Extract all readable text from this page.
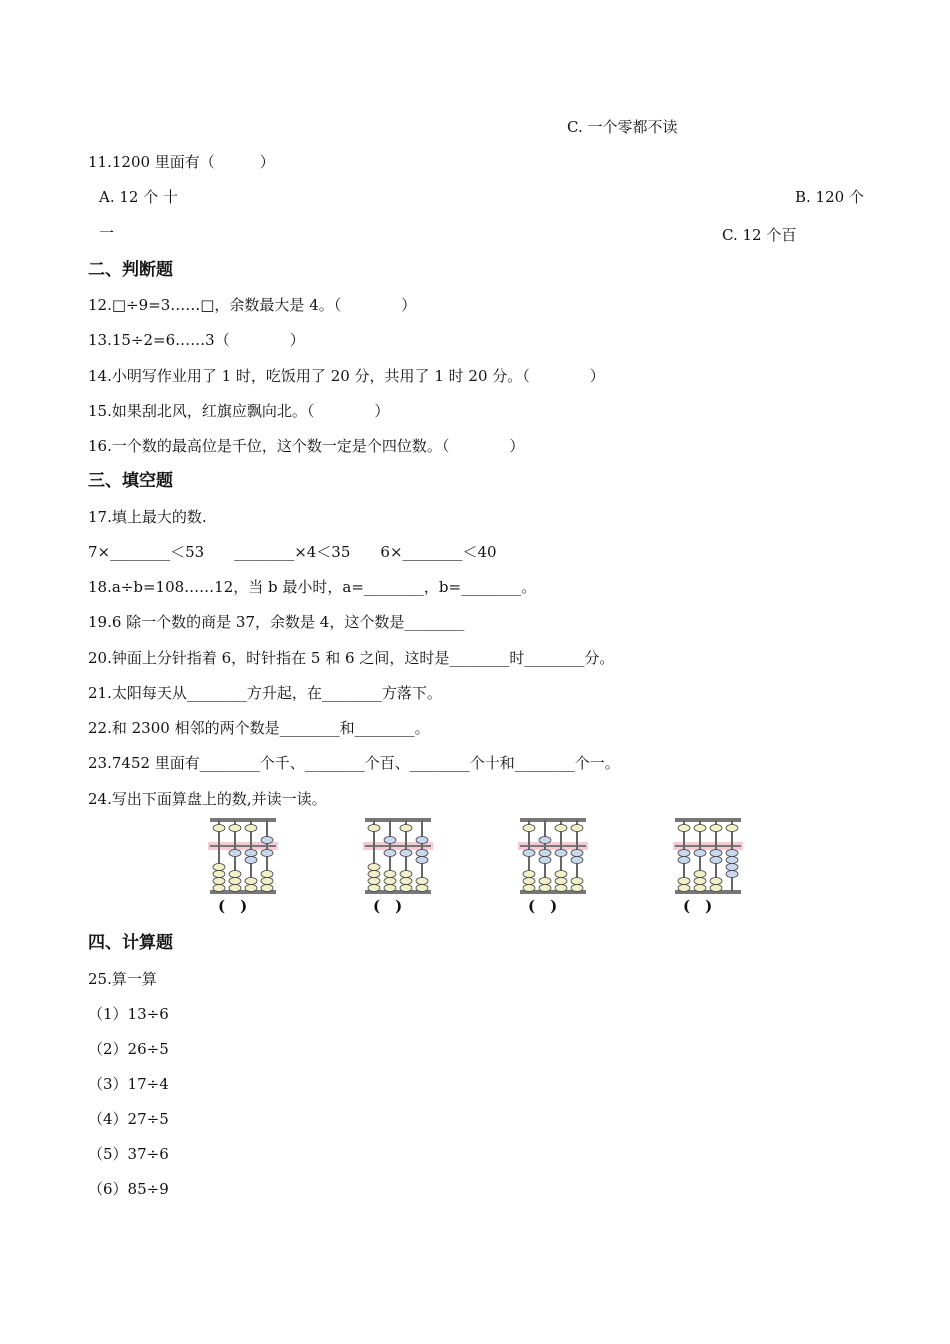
C. 一个零都不读
11.1200 里面有（　　　）
A. 12 个 十	B. 120 个
一	C. 12 个百
二、判断题
12.□÷9=3……□，余数最大是 4。（　　　　）
13.15÷2=6……3（　　　　）
14.小明写作业用了 1 时，吃饭用了 20 分，共用了 1 时 20 分。（　　　　）
15.如果刮北风，红旗应飘向北。（　　　　）
16.一个数的最高位是千位，这个数一定是个四位数。（　　　　）
三、填空题
17.填上最大的数.
7×________＜53　　________×4＜35　　6×________＜40
18.a÷b=108……12，当 b 最小时，a=________，b=________。
19.6 除一个数的商是 37，余数是 4，这个数是________
20.钟面上分针指着 6，时针指在 5 和 6 之间，这时是________时________分。
21.太阳每天从________方升起，在________方落下。
22.和 2300 相邻的两个数是________和________。
23.7452 里面有________个千、________个百、________个十和________个一。
24.写出下面算盘上的数,并读一读。
(　)	(　)	(　)	(　)
四、计算题
25.算一算
（1）13÷6
（2）26÷5
（3）17÷4
（4）27÷5
（5）37÷6
（6）85÷9
